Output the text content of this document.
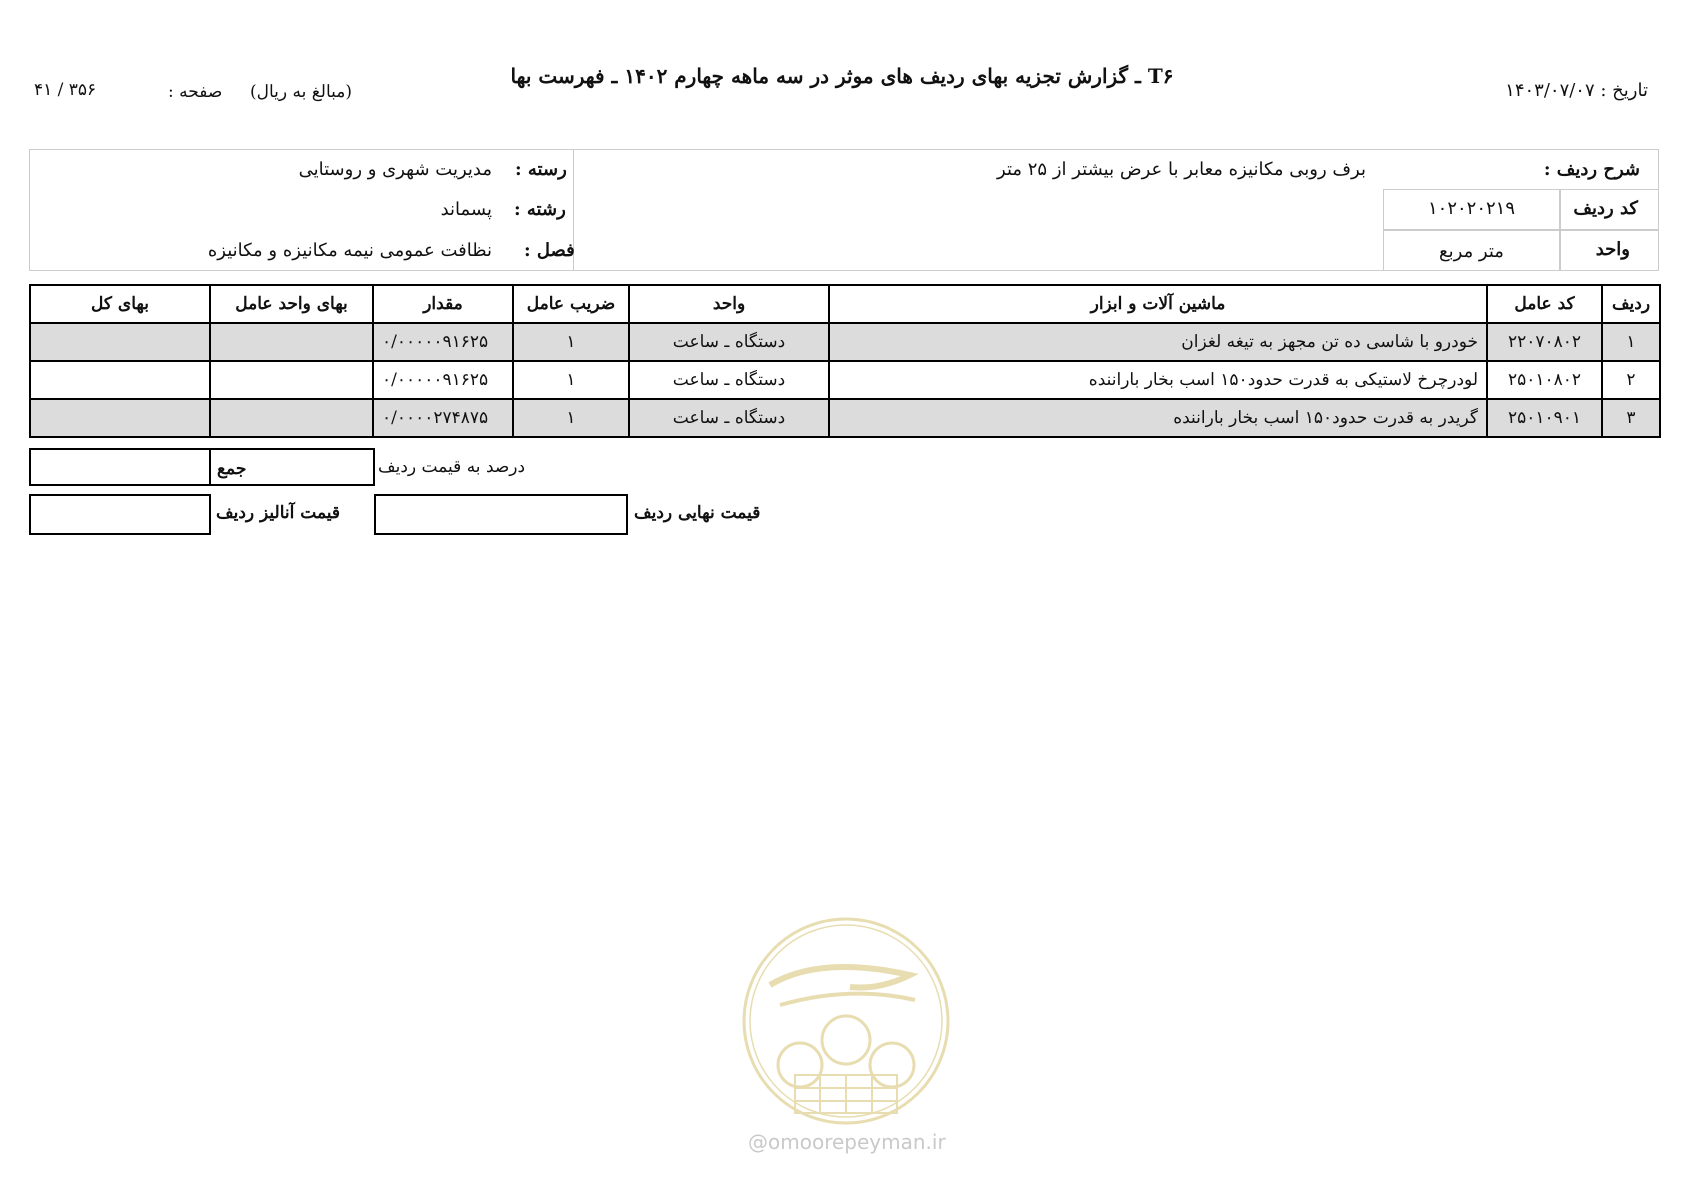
تاریخ : ۱۴۰۳/۰۷/۰۷
T۶ ـ گزارش تجزیه بهای ردیف های موثر در سه ماهه چهارم ۱۴۰۲ ـ فهرست بها
(مبالغ به ریال)
صفحه :
۴۱ / ۳۵۶
شرح ردیف :
برف روبی مکانیزه معابر با عرض بیشتر از ۲۵ متر
کد ردیف
۱۰۲۰۲۰۲۱۹
واحد
متر مربع
رسته :
مدیریت شهری و روستایی
رشته :
پسماند
فصل :
نظافت عمومی نیمه مکانیزه و مکانیزه
ردیف	کد عامل	ماشین آلات و ابزار	واحد	ضریب عامل	مقدار	بهای واحد عامل	بهای کل
۱	۲۲۰۷۰۸۰۲	خودرو با شاسی ده تن مجهز به تیغه لغزان	دستگاه ـ ساعت	۱	۰/۰۰۰۰۰۹۱۶۲۵		
۲	۲۵۰۱۰۸۰۲	لودرچرخ لاستیکی به قدرت حدود۱۵۰ اسب بخار باراننده	دستگاه ـ ساعت	۱	۰/۰۰۰۰۰۹۱۶۲۵		
۳	۲۵۰۱۰۹۰۱	گریدر به قدرت حدود۱۵۰ اسب بخار باراننده	دستگاه ـ ساعت	۱	۰/۰۰۰۰۲۷۴۸۷۵		
درصد به قیمت ردیف
جمع
قیمت نهایی ردیف
قیمت آنالیز ردیف
@omoorepeyman.ir
